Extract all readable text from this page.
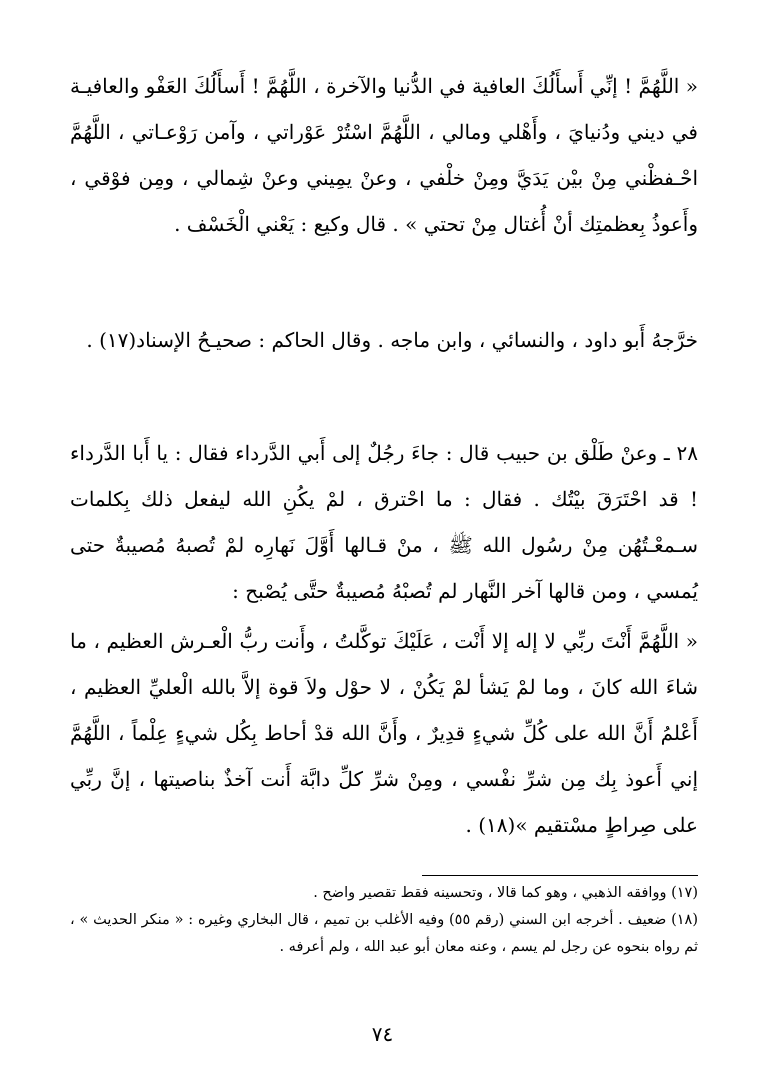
« اللَّهُمَّ ! إنِّي أَسأَلُكَ العافية في الدُّنيا والآخرة ، اللَّهُمَّ ! أَسأَلُكَ العَفْو والعافيـة في ديني ودُنيايَ ، وأَهْلي ومالي ، اللَّهُمَّ اسْتُرْ عَوْراتي ، وآمن رَوْعـاتي ، اللَّهُمَّ احْـفظْني مِنْ بيْن يَدَيَّ ومِنْ خلْفي ، وعنْ يمِيني وعنْ شِمالي ، ومِن فوْقي ، وأَعوذُ بِعظمتِك أنْ أُغتال مِنْ تحتي » . قال وكيع : يَعْني الْخَسْف .

خرَّجهُ أَبو داود ، والنسائي ، وابن ماجه . وقال الحاكم : صحيـحُ الإسناد(١٧) .

٢٨ ـ وعنْ طَلْق بن حبيب قال : جاءَ رجُلٌ إلى أَبي الدَّرداء فقال : يا أَبا الدَّرداء ! قد احْتَرَقَ بيْتُك . فقال : ما احْترق ، لمْ يكُنِ الله ليفعل ذلك بِكلمات سـمعْـتُهُن مِنْ رسُول الله ﷺ ، منْ قـالها أَوَّلَ نَهارِه لمْ تُصبهُ مُصيبةٌ حتى يُمسي ، ومن قالها آخر النَّهار لم تُصبْهُ مُصيبةٌ حتَّى يُصْبح :

« اللَّهُمَّ أَنْتَ ربِّي لا إله إلا أَنْت ، عَلَيْكَ توكَّلتُ ، وأَنت ربُّ الْعـرش العظيم ، ما شاءَ الله كانَ ، وما لمْ يَشأ لمْ يَكُنْ ، لا حوْل ولاَ قوة إلاَّ بالله الْعليِّ العظيم ، أَعْلمُ أَنَّ الله على كُلِّ شيءٍ قدِيرٌ ، وأَنَّ الله قدْ أحاط بِكُل شيءٍ عِلْماً ، اللَّهُمَّ إني أَعوذ بِك مِن شرِّ نفْسي ، ومِنْ شرِّ كلِّ دابَّة أَنت آخذٌ بناصيتها ، إنَّ ربِّي على صِراطٍ مسْتقيم »(١٨) .

(١٧) ووافقه الذهبي ، وهو كما قالا ، وتحسينه فقط تقصير واضح .

(١٨) ضعيف . أخرجه ابن السني (رقم ٥٥) وفيه الأغلب بن تميم ، قال البخاري وغيره : « منكر الحديث » ، ثم رواه بنحوه عن رجل لم يسم ، وعنه معان أبو عبد الله ، ولم أعرفه .

٧٤
